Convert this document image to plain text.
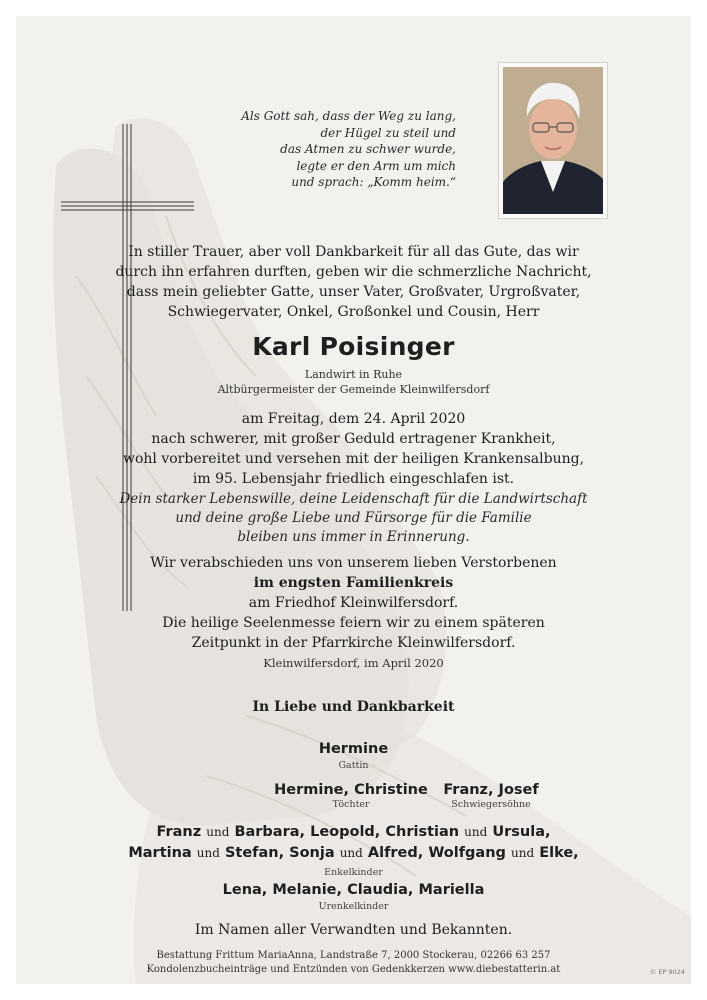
Als Gott sah, dass der Weg zu lang,
der Hügel zu steil und
das Atmen zu schwer wurde,
legte er den Arm um mich
und sprach: „Komm heim.“
In stiller Trauer, aber voll Dankbarkeit für all das Gute, das wir
durch ihn erfahren durften, geben wir die schmerzliche Nachricht,
dass mein geliebter Gatte, unser Vater, Großvater, Urgroßvater,
Schwiegervater, Onkel, Großonkel und Cousin, Herr
Karl Poisinger
Landwirt in Ruhe
Altbürgermeister der Gemeinde Kleinwilfersdorf
am Freitag, dem 24. April 2020
nach schwerer, mit großer Geduld ertragener Krankheit,
wohl vorbereitet und versehen mit der heiligen Krankensalbung,
im 95. Lebensjahr friedlich eingeschlafen ist.
Dein starker Lebenswille, deine Leidenschaft für die Landwirtschaft
und deine große Liebe und Fürsorge für die Familie
bleiben uns immer in Erinnerung.
Wir verabschieden uns von unserem lieben Verstorbenen
im engsten Familienkreis
am Friedhof Kleinwilfersdorf.
Die heilige Seelenmesse feiern wir zu einem späteren
Zeitpunkt in der Pfarrkirche Kleinwilfersdorf.
Kleinwilfersdorf, im April 2020
In Liebe und Dankbarkeit
Hermine
Gattin
Hermine, Christine
Töchter
Franz, Josef
Schwiegersöhne
Franz und Barbara, Leopold, Christian und Ursula,
Martina und Stefan, Sonja und Alfred, Wolfgang und Elke,
Enkelkinder
Lena, Melanie, Claudia, Mariella
Urenkelkinder
Im Namen aller Verwandten und Bekannten.
Bestattung Frittum MariaAnna, Landstraße 7, 2000 Stockerau, 02266 63 257
Kondolenzbucheinträge und Entzünden von Gedenkkerzen www.diebestatterin.at	© EP 9024
